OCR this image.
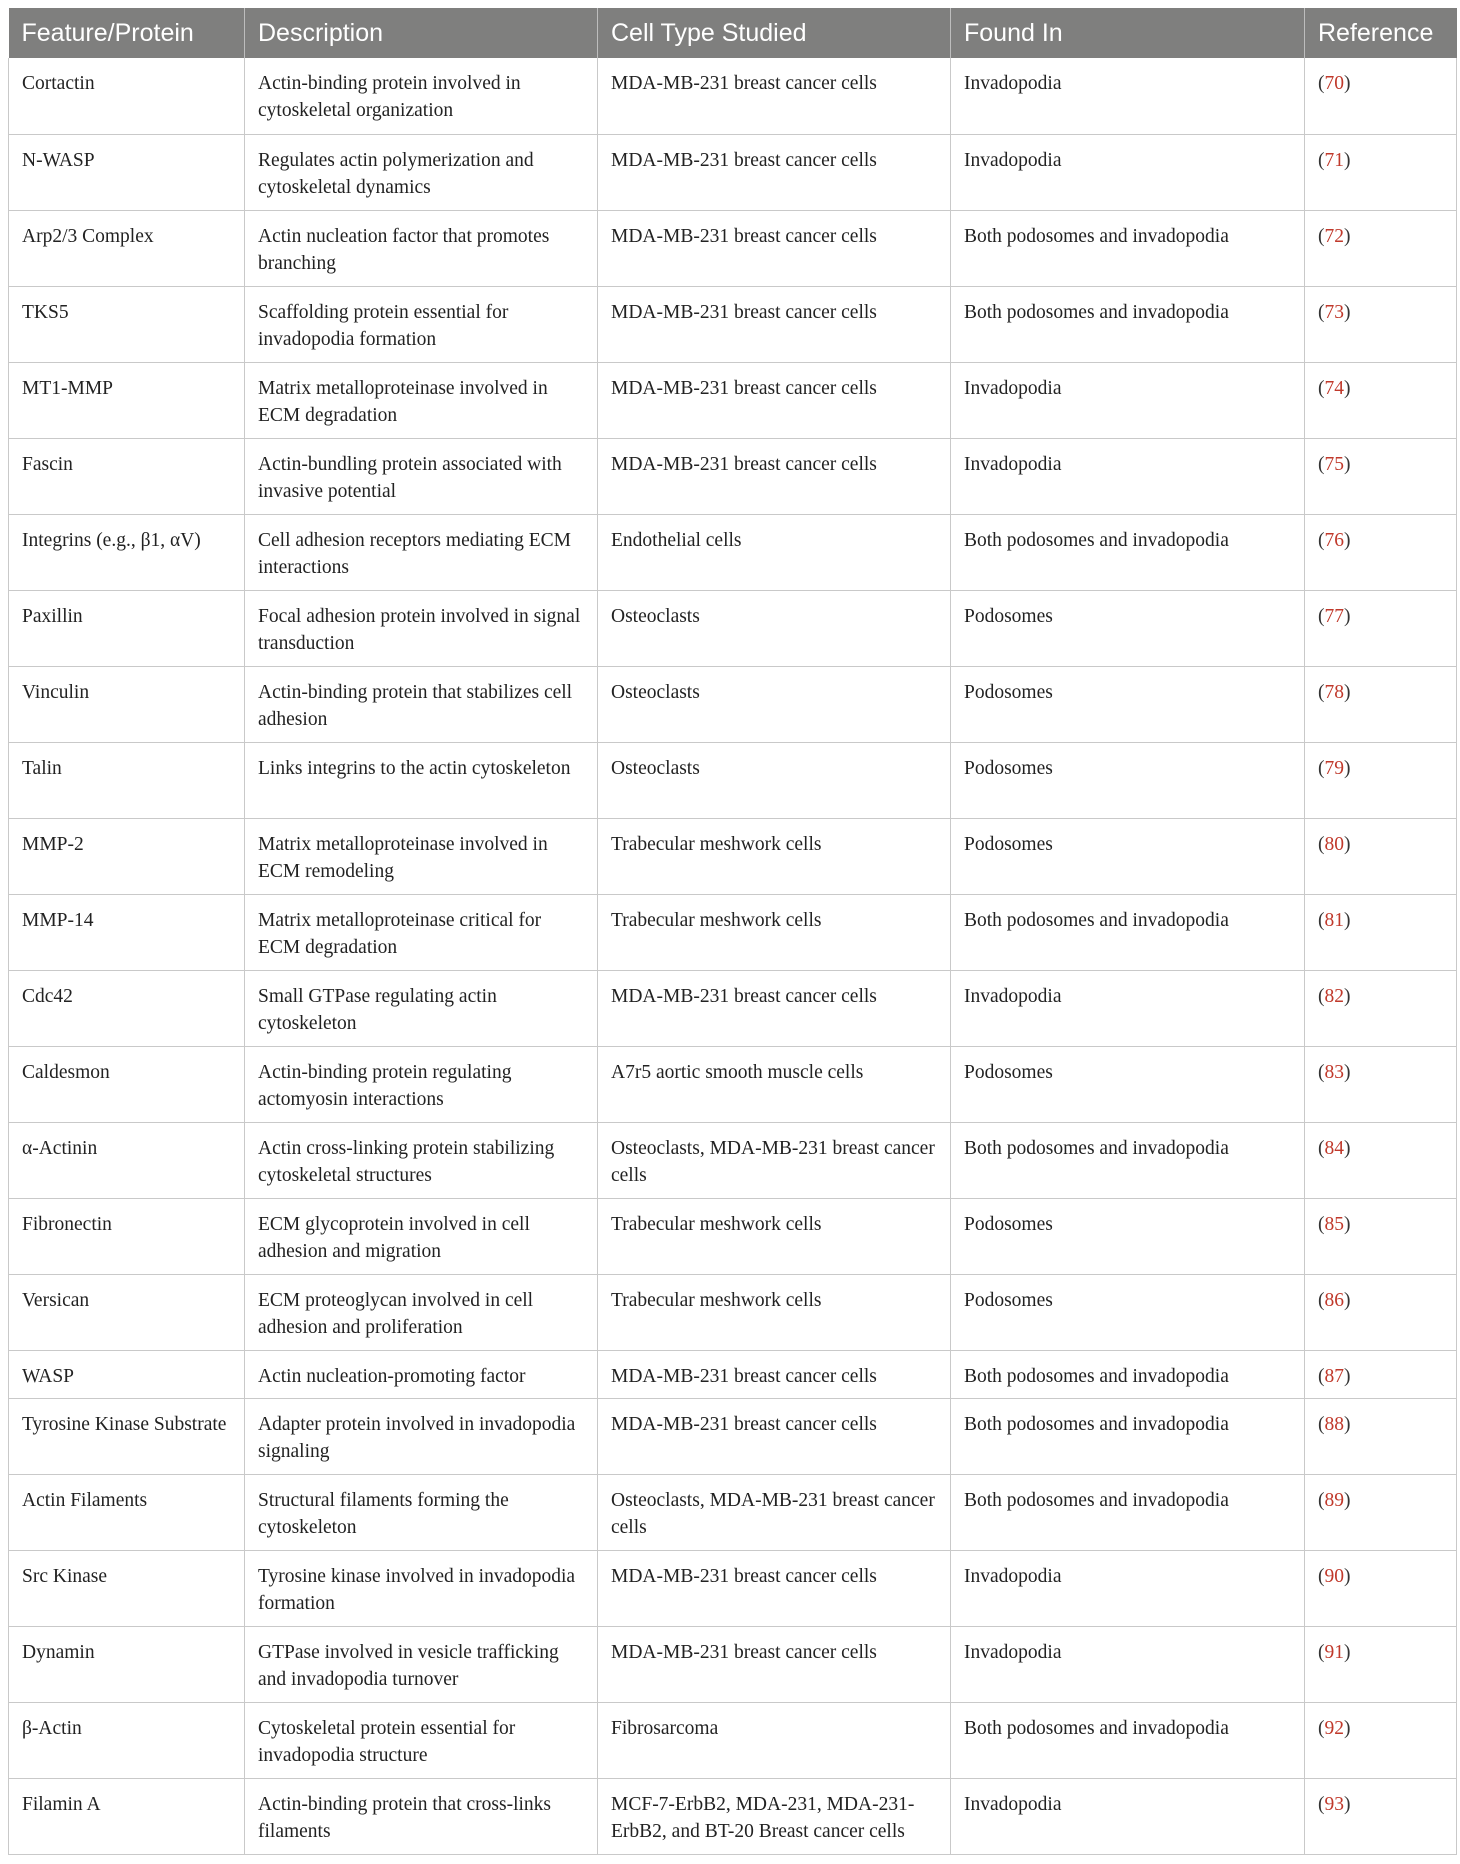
Feature/Protein	Description	Cell Type Studied	Found In	Reference
Cortactin	Actin-binding protein involved in cytoskeletal organization	MDA-MB-231 breast cancer cells	Invadopodia	(70)
N-WASP	Regulates actin polymerization and cytoskeletal dynamics	MDA-MB-231 breast cancer cells	Invadopodia	(71)
Arp2/3 Complex	Actin nucleation factor that promotes branching	MDA-MB-231 breast cancer cells	Both podosomes and invadopodia	(72)
TKS5	Scaffolding protein essential for invadopodia formation	MDA-MB-231 breast cancer cells	Both podosomes and invadopodia	(73)
MT1-MMP	Matrix metalloproteinase involved in ECM degradation	MDA-MB-231 breast cancer cells	Invadopodia	(74)
Fascin	Actin-bundling protein associated with invasive potential	MDA-MB-231 breast cancer cells	Invadopodia	(75)
Integrins (e.g., β1, αV)	Cell adhesion receptors mediating ECM interactions	Endothelial cells	Both podosomes and invadopodia	(76)
Paxillin	Focal adhesion protein involved in signal transduction	Osteoclasts	Podosomes	(77)
Vinculin	Actin-binding protein that stabilizes cell adhesion	Osteoclasts	Podosomes	(78)
Talin	Links integrins to the actin cytoskeleton	Osteoclasts	Podosomes	(79)
MMP-2	Matrix metalloproteinase involved in ECM remodeling	Trabecular meshwork cells	Podosomes	(80)
MMP-14	Matrix metalloproteinase critical for ECM degradation	Trabecular meshwork cells	Both podosomes and invadopodia	(81)
Cdc42	Small GTPase regulating actin cytoskeleton	MDA-MB-231 breast cancer cells	Invadopodia	(82)
Caldesmon	Actin-binding protein regulating actomyosin interactions	A7r5 aortic smooth muscle cells	Podosomes	(83)
α-Actinin	Actin cross-linking protein stabilizing cytoskeletal structures	Osteoclasts, MDA-MB-231 breast cancer cells	Both podosomes and invadopodia	(84)
Fibronectin	ECM glycoprotein involved in cell adhesion and migration	Trabecular meshwork cells	Podosomes	(85)
Versican	ECM proteoglycan involved in cell adhesion and proliferation	Trabecular meshwork cells	Podosomes	(86)
WASP	Actin nucleation-promoting factor	MDA-MB-231 breast cancer cells	Both podosomes and invadopodia	(87)
Tyrosine Kinase Substrate	Adapter protein involved in invadopodia signaling	MDA-MB-231 breast cancer cells	Both podosomes and invadopodia	(88)
Actin Filaments	Structural filaments forming the cytoskeleton	Osteoclasts, MDA-MB-231 breast cancer cells	Both podosomes and invadopodia	(89)
Src Kinase	Tyrosine kinase involved in invadopodia formation	MDA-MB-231 breast cancer cells	Invadopodia	(90)
Dynamin	GTPase involved in vesicle trafficking and invadopodia turnover	MDA-MB-231 breast cancer cells	Invadopodia	(91)
β-Actin	Cytoskeletal protein essential for invadopodia structure	Fibrosarcoma	Both podosomes and invadopodia	(92)
Filamin A	Actin-binding protein that cross-links filaments	MCF-7-ErbB2, MDA-231, MDA-231-ErbB2, and BT-20 Breast cancer cells	Invadopodia	(93)
